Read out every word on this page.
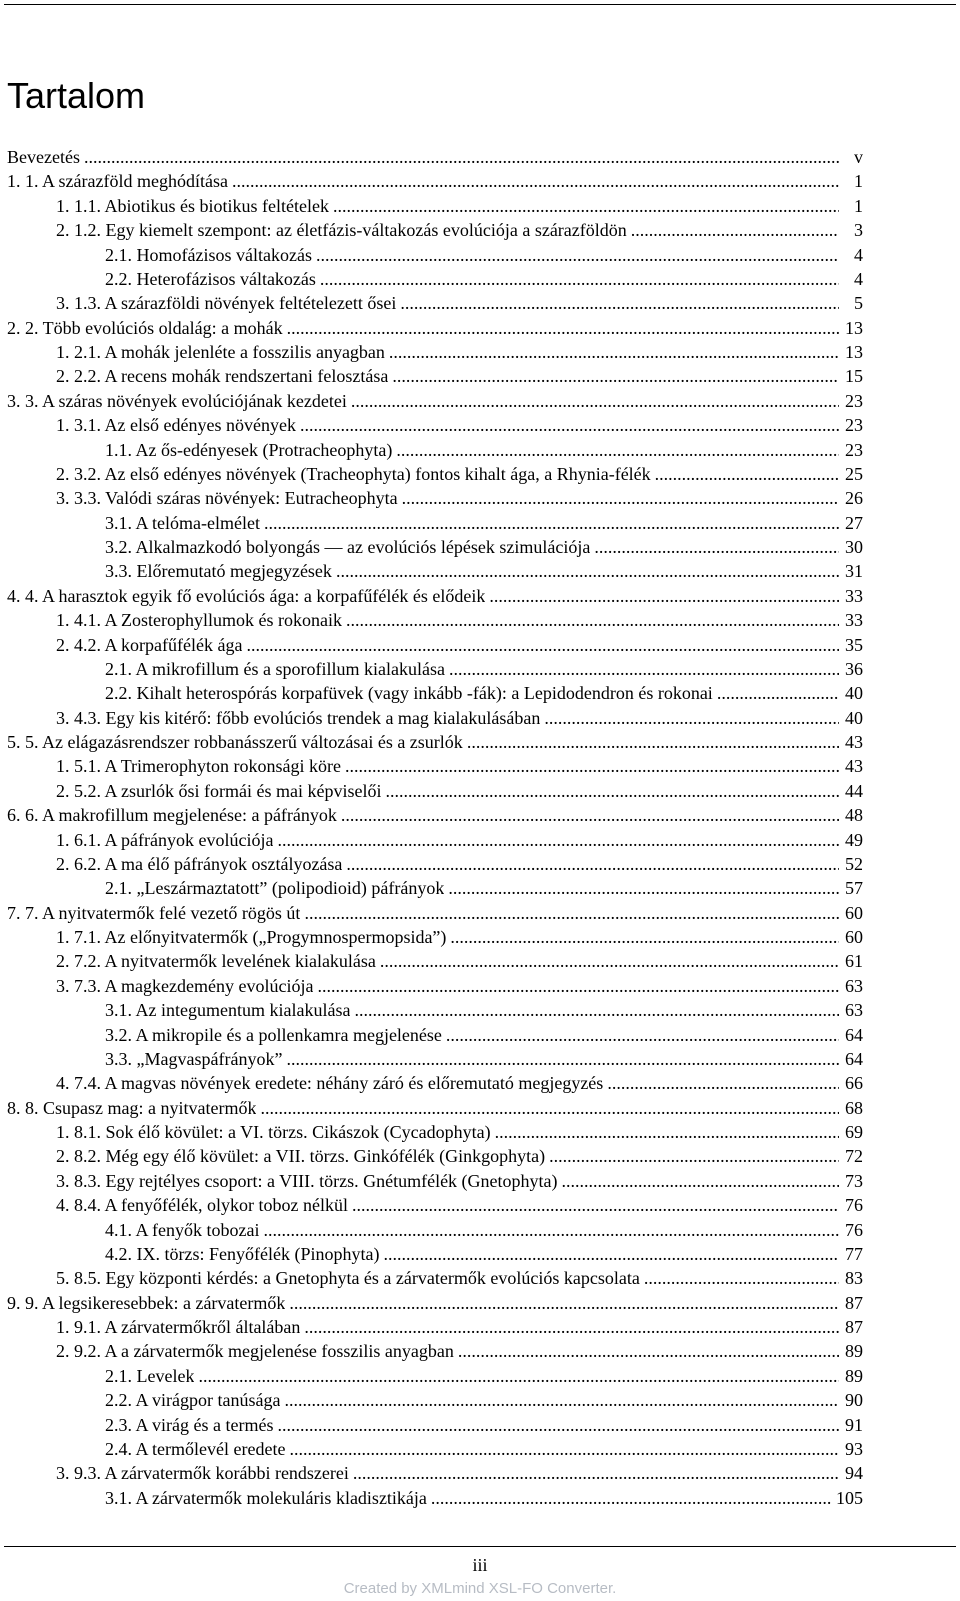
Tartalom
Bevezetés .....	v
1. 1. A szárazföld meghódítása .....	1
1. 1.1. Abiotikus és biotikus feltételek .....	1
2. 1.2. Egy kiemelt szempont: az életfázis-váltakozás evolúciója a szárazföldön .....	3
2.1. Homofázisos váltakozás .....	4
2.2. Heterofázisos váltakozás .....	4
3. 1.3. A szárazföldi növények feltételezett ősei .....	5
2. 2. Több evolúciós oldalág: a mohák .....	13
1. 2.1. A mohák jelenléte a fosszilis anyagban .....	13
2. 2.2. A recens mohák rendszertani felosztása .....	15
3. 3. A száras növények evolúciójának kezdetei .....	23
1. 3.1. Az első edényes növények .....	23
1.1. Az ős-edényesek (Protracheophyta) .....	23
2. 3.2. Az első edényes növények (Tracheophyta) fontos kihalt ága, a Rhynia-félék .....	25
3. 3.3. Valódi száras növények: Eutracheophyta .....	26
3.1. A telóma-elmélet .....	27
3.2. Alkalmazkodó bolyongás — az evolúciós lépések szimulációja .....	30
3.3. Előremutató megjegyzések .....	31
4. 4. A harasztok egyik fő evolúciós ága: a korpafűfélék és elődeik .....	33
1. 4.1. A Zosterophyllumok és rokonaik .....	33
2. 4.2. A korpafűfélék ága .....	35
2.1. A mikrofillum és a sporofillum kialakulása .....	36
2.2. Kihalt heterospórás korpafüvek (vagy inkább -fák): a Lepidodendron és rokonai .....	40
3. 4.3. Egy kis kitérő: főbb evolúciós trendek a mag kialakulásában .....	40
5. 5. Az elágazásrendszer robbanásszerű változásai és a zsurlók .....	43
1. 5.1. A Trimerophyton rokonsági köre .....	43
2. 5.2. A zsurlók ősi formái és mai képviselői .....	44
6. 6. A makrofillum megjelenése: a páfrányok .....	48
1. 6.1. A páfrányok evolúciója .....	49
2. 6.2. A ma élő páfrányok osztályozása .....	52
2.1. „Leszármaztatott” (polipodioid) páfrányok .....	57
7. 7. A nyitvatermők felé vezető rögös út .....	60
1. 7.1. Az előnyitvatermők („Progymnospermopsida”) .....	60
2. 7.2. A nyitvatermők levelének kialakulása .....	61
3. 7.3. A magkezdemény evolúciója .....	63
3.1. Az integumentum kialakulása .....	63
3.2. A mikropile és a pollenkamra megjelenése .....	64
3.3. „Magvaspáfrányok” .....	64
4. 7.4. A magvas növények eredete: néhány záró és előremutató megjegyzés .....	66
8. 8. Csupasz mag: a nyitvatermők .....	68
1. 8.1. Sok élő kövület: a VI. törzs. Cikászok (Cycadophyta) .....	69
2. 8.2. Még egy élő kövület: a VII. törzs. Ginkófélék (Ginkgophyta) .....	72
3. 8.3. Egy rejtélyes csoport: a VIII. törzs. Gnétumfélék (Gnetophyta) .....	73
4. 8.4. A fenyőfélék, olykor toboz nélkül .....	76
4.1. A fenyők tobozai .....	76
4.2. IX. törzs: Fenyőfélék (Pinophyta) .....	77
5. 8.5. Egy központi kérdés: a Gnetophyta és a zárvatermők evolúciós kapcsolata .....	83
9. 9. A legsikeresebbek: a zárvatermők .....	87
1. 9.1. A zárvatermőkről általában .....	87
2. 9.2. A a zárvatermők megjelenése fosszilis anyagban .....	89
2.1. Levelek .....	89
2.2. A virágpor tanúsága .....	90
2.3. A virág és a termés .....	91
2.4. A termőlevél eredete .....	93
3. 9.3. A zárvatermők korábbi rendszerei .....	94
3.1. A zárvatermők molekuláris kladisztikája .....	105
iii
Created by XMLmind XSL-FO Converter.
